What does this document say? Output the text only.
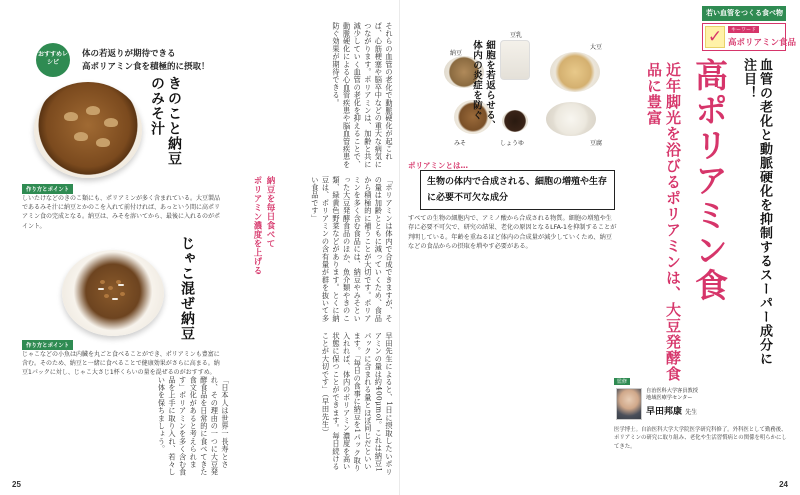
おすすめレシピ
体の若返りが期待できる
高ポリアミン食を積極的に摂取！
きのこと納豆のみそ汁
作り方とポイント
しいたけなどのきのこ類にも、ポリアミンが多く含まれている。大豆製品であるみそ汁に納豆とかのこを入れて前付ければ、あっという間に高ポリアミン食の完成となる。納豆は、みそを溶いてから、最後に入れるのがポイント。
じゃこ混ぜ納豆
作り方とポイント
じゃこなどの小魚は内臓を丸ごと食べることができ、ポリアミンも豊富に含む。そのため、納豆と一緒に食べることで健康効果がさらに高まる。納豆1パックに対し、じゃこ大さじ1杯くらいの量を混ぜるのがおすすめ。
それらの血管の老化で動脈硬化が起これば、心筋梗塞や脳卒中などの重大な病気につながります。ポリアミンは、加齢と共に減少していく血管の老化を抑えることで、動脈硬化による心血管疾患や脳血管疾患を防ぐ効果が期待できる。
納豆を毎日食べて
ポリアミン濃度を上げる	「ポリアミンは体内で合成できますが、その量は加齢とともに減っていくため、食品から積極的に補うことが大切です。ポリアミンを多く含む食品には、納豆やみそといった大豆発酵食品のほか、魚介類やきのこ類、緑黄色野菜などがあります。とくに納豆は、ポリアミンの含有量が群を抜いて多い食品です」
早田先生によると、1日に摂取したいポリアミンの量は約400μmol。これは納豆1パックに含まれる量とほぼ同じだといいます。「毎日の食事に納豆を1パック取り入れれば、体内のポリアミン濃度を高い状態に保つことができます。毎日続けることが大切です」（早田先生）
「日本人は世界一長寿とされ、その理由の一つに大豆発酵食品を日常的に食べてきた食文化があると考えられます」ポリアミンを多く含む食品を上手に取り入れ、若々しい体を保ちましょう。
25
若い血管をつくる食べ物
✓	キーワード
高ポリアミン食品
血管の老化と動脈硬化を抑制するスーパー成分に注目！
高ポリアミン食
近年脚光を浴びるポリアミンは、大豆発酵食品に豊富
納豆
豆乳
大豆
みそ	しょうゆ	豆腐
細胞を若返らせる、
体内の炎症を防ぐ
ポリアミンとは…
生物の体内で合成される、細胞の増殖や生存に必要不可欠な成分
すべての生物の細胞内で、アミノ酸から合成される物質。細胞の増殖や生存に必要不可欠で、研究の結果、老化の原因となるLFA-1を抑制することが判明している。年齢を重ねるほど体内の合成量が減少していくため、納豆などの食品からの摂取を増やす必要がある。
監修
自治医科大学客員教授 地域医療学センター
早田邦康 先生
医学博士。自治医科大学大学院医学研究科修了。外科医として勤務後、ポリアミンの研究に取り組み、老化や生活習慣病との関係を明らかにしてきた。
24
